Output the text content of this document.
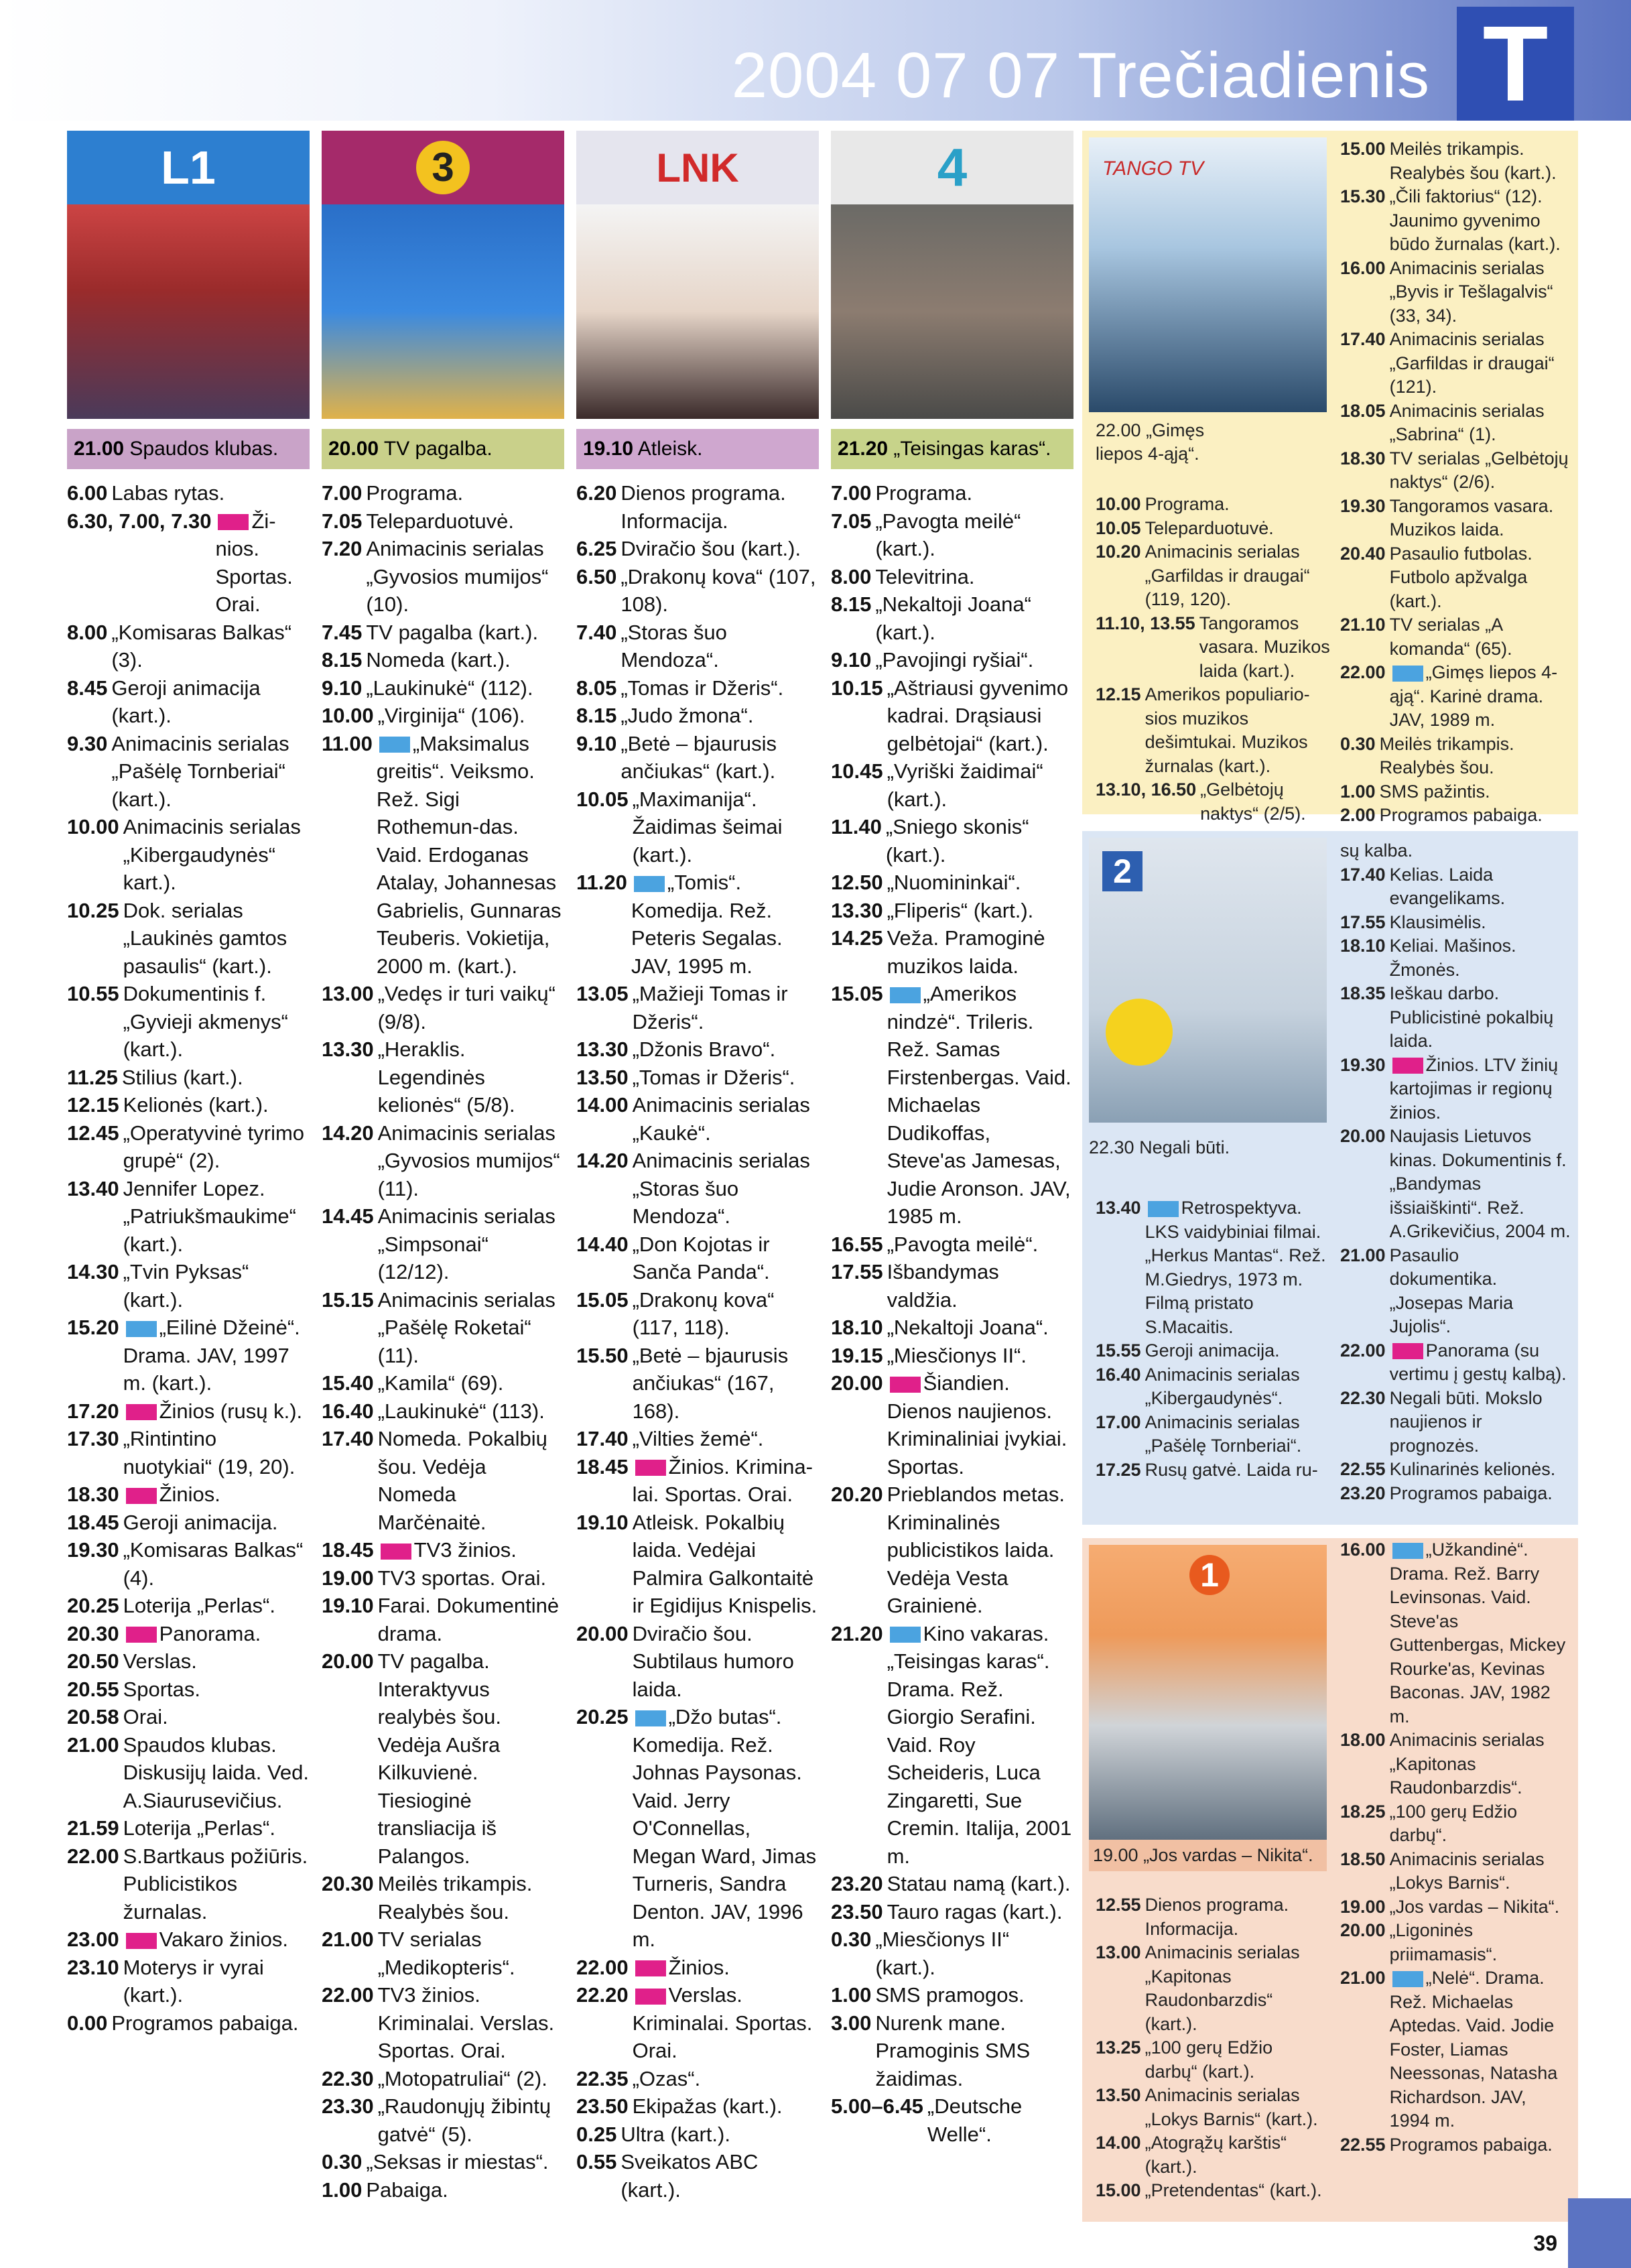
2004 07 07 Trečiadienis T
L1
21.00 Spaudos klubas.
6.00 Labas rytas.
6.30, 7.00, 7.30	Ži-nios. Sportas. Orai.
8.00 „Komisaras Balkas“ (3).
8.45 Geroji animacija (kart.).
9.30 Animacinis serialas „Pašėlę Tornberiai“ (kart.).
10.00 Animacinis serialas „Kibergaudynės“ kart.).
10.25 Dok. serialas „Laukinės gamtos pasaulis“ (kart.).
10.55 Dokumentinis f. „Gyvieji akmenys“ (kart.).
11.25 Stilius (kart.).
12.15 Kelionės (kart.).
12.45 „Operatyvinė tyrimo grupė“ (2).
13.40 Jennifer Lopez. „Patriukšmaukime“ (kart.).
14.30 „Tvin Pyksas“ (kart.).
15.20	„Eilinė Džeinė“. Drama. JAV, 1997 m. (kart.).
17.20	Žinios (rusų k.).
17.30 „Rintintino nuotykiai“ (19, 20).
18.30	Žinios.
18.45 Geroji animacija.
19.30 „Komisaras Balkas“ (4).
20.25 Loterija „Perlas“.
20.30	Panorama.
20.50 Verslas.
20.55 Sportas.
20.58 Orai.
21.00 Spaudos klubas. Diskusijų laida. Ved. A.Siaurusevičius.
21.59 Loterija „Perlas“.
22.00 S.Bartkaus požiūris. Publicistikos žurnalas.
23.00	Vakaro žinios.
23.10 Moterys ir vyrai (kart.).
0.00 Programos pabaiga.
3
20.00 TV pagalba.
7.00 Programa.
7.05 Teleparduotuvė.
7.20 Animacinis serialas „Gyvosios mumijos“ (10).
7.45 TV pagalba (kart.).
8.15 Nomeda (kart.).
9.10 „Laukinukė“ (112).
10.00 „Virginija“ (106).
11.00	„Maksimalus greitis“. Veiksmo. Rež. Sigi Rothemun-das. Vaid. Erdoganas Atalay, Johannesas Gabrielis, Gunnaras Teuberis. Vokietija, 2000 m. (kart.).
13.00 „Vedęs ir turi vaikų“ (9/8).
13.30 „Heraklis. Legendinės kelionės“ (5/8).
14.20 Animacinis serialas „Gyvosios mumijos“ (11).
14.45 Animacinis serialas „Simpsonai“ (12/12).
15.15 Animacinis serialas „Pašėlę Roketai“ (11).
15.40 „Kamila“ (69).
16.40 „Laukinukė“ (113).
17.40 Nomeda. Pokalbių šou. Vedėja Nomeda Marčėnaitė.
18.45	TV3 žinios.
19.00 TV3 sportas. Orai.
19.10 Farai. Dokumentinė drama.
20.00 TV pagalba. Interaktyvus realybės šou. Vedėja Aušra Kilkuvienė. Tiesioginė transliacija iš Palangos.
20.30 Meilės trikampis. Realybės šou.
21.00 TV serialas „Medikopteris“.
22.00 TV3 žinios. Kriminalai. Verslas. Sportas. Orai.
22.30 „Motopatruliai“ (2).
23.30 „Raudonųjų žibintų gatvė“ (5).
0.30 „Seksas ir miestas“.
1.00 Pabaiga.
LNK
19.10 Atleisk.
6.20 Dienos programa. Informacija.
6.25 Dviračio šou (kart.).
6.50 „Drakonų kova“ (107, 108).
7.40 „Storas šuo Mendoza“.
8.05 „Tomas ir Džeris“.
8.15 „Judo žmona“.
9.10 „Betė – bjaurusis ančiukas“ (kart.).
10.05 „Maximanija“. Žaidimas šeimai (kart.).
11.20	„Tomis“. Komedija. Rež. Peteris Segalas. JAV, 1995 m.
13.05 „Mažieji Tomas ir Džeris“.
13.30 „Džonis Bravo“.
13.50 „Tomas ir Džeris“.
14.00 Animacinis serialas „Kaukė“.
14.20 Animacinis serialas „Storas šuo Mendoza“.
14.40 „Don Kojotas ir Sanča Panda“.
15.05 „Drakonų kova“ (117, 118).
15.50 „Betė – bjaurusis ančiukas“ (167, 168).
17.40 „Vilties žemė“.
18.45	Žinios. Krimina-lai. Sportas. Orai.
19.10 Atleisk. Pokalbių laida. Vedėjai Palmira Galkontaitė ir Egidijus Knispelis.
20.00 Dviračio šou. Subtilaus humoro laida.
20.25	„Džo butas“. Komedija. Rež. Johnas Paysonas. Vaid. Jerry O'Connellas, Megan Ward, Jimas Turneris, Sandra Denton. JAV, 1996 m.
22.00	Žinios.
22.20	Verslas. Kriminalai. Sportas. Orai.
22.35 „Ozas“.
23.50 Ekipažas (kart.).
0.25 Ultra (kart.).
0.55 Sveikatos ABC (kart.).
4
21.20 „Teisingas karas“.
7.00 Programa.
7.05 „Pavogta meilė“ (kart.).
8.00 Televitrina.
8.15 „Nekaltoji Joana“ (kart.).
9.10 „Pavojingi ryšiai“.
10.15 „Aštriausi gyvenimo kadrai. Drąsiausi gelbėtojai“ (kart.).
10.45 „Vyriški žaidimai“ (kart.).
11.40 „Sniego skonis“ (kart.).
12.50 „Nuomininkai“.
13.30 „Fliperis“ (kart.).
14.25 Veža. Pramoginė muzikos laida.
15.05	„Amerikos nindzė“. Trileris. Rež. Samas Firstenbergas. Vaid. Michaelas Dudikoffas, Steve'as Jamesas, Judie Aronson. JAV, 1985 m.
16.55 „Pavogta meilė“.
17.55 Išbandymas valdžia.
18.10 „Nekaltoji Joana“.
19.15 „Miesčionys II“.
20.00	Šiandien. Dienos naujienos. Kriminaliniai įvykiai. Sportas.
20.20 Prieblandos metas. Kriminalinės publicistikos laida. Vedėja Vesta Grainienė.
21.20	Kino vakaras. „Teisingas karas“. Drama. Rež. Giorgio Serafini. Vaid. Roy Scheideris, Luca Zingaretti, Sue Cremin. Italija, 2001 m.
23.20 Statau namą (kart.).
23.50 Tauro ragas (kart.).
0.30 „Miesčionys II“ (kart.).
1.00 SMS pramogos.
3.00 Nurenk mane. Pramoginis SMS žaidimas.
5.00–6.45 „Deutsche Welle“.
TANGO TV
22.00 „Gimęs liepos 4-ąją“.
10.00 Programa.
10.05 Teleparduotuvė.
10.20 Animacinis serialas „Garfildas ir draugai“ (119, 120).
11.10, 13.55 Tangoramos vasara. Muzikos laida (kart.).
12.15 Amerikos populiario-sios muzikos dešimtukai. Muzikos žurnalas (kart.).
13.10, 16.50 „Gelbėtojų naktys“ (2/5).
15.00 Meilės trikampis. Realybės šou (kart.).
15.30 „Čili faktorius“ (12). Jaunimo gyvenimo būdo žurnalas (kart.).
16.00 Animacinis serialas „Byvis ir Tešlagalvis“ (33, 34).
17.40 Animacinis serialas „Garfildas ir draugai“ (121).
18.05 Animacinis serialas „Sabrina“ (1).
18.30 TV serialas „Gelbėtojų naktys“ (2/6).
19.30 Tangoramos vasara. Muzikos laida.
20.40 Pasaulio futbolas. Futbolo apžvalga (kart.).
21.10 TV serialas „A komanda“ (65).
22.00	„Gimęs liepos 4-ąją“. Karinė drama. JAV, 1989 m.
0.30 Meilės trikampis. Realybės šou.
1.00 SMS pažintis.
2.00 Programos pabaiga.
2
22.30 Negali būti.
13.40	Retrospektyva. LKS vaidybiniai filmai. „Herkus Mantas“. Rež. M.Giedrys, 1973 m. Filmą pristato S.Macaitis.
15.55 Geroji animacija.
16.40 Animacinis serialas „Kibergaudynės“.
17.00 Animacinis serialas „Pašėlę Tornberiai“.
17.25 Rusų gatvė. Laida ru-
sų kalba.
17.40 Kelias. Laida evangelikams.
17.55 Klausimėlis.
18.10 Keliai. Mašinos. Žmonės.
18.35 Ieškau darbo. Publicistinė pokalbių laida.
19.30	Žinios. LTV žinių kartojimas ir regionų žinios.
20.00 Naujasis Lietuvos kinas. Dokumentinis f. „Bandymas išsiaiškinti“. Rež. A.Grikevičius, 2004 m.
21.00 Pasaulio dokumentika. „Josepas Maria Jujolis“.
22.00	Panorama (su vertimu į gestų kalbą).
22.30 Negali būti. Mokslo naujienos ir prognozės.
22.55 Kulinarinės kelionės.
23.20 Programos pabaiga.
1
19.00 „Jos vardas – Nikita“.
12.55 Dienos programa. Informacija.
13.00 Animacinis serialas „Kapitonas Raudonbarzdis“ (kart.).
13.25 „100 gerų Edžio darbų“ (kart.).
13.50 Animacinis serialas „Lokys Barnis“ (kart.).
14.00 „Atogrąžų karštis“ (kart.).
15.00 „Pretendentas“ (kart.).
16.00	„Užkandinė“. Drama. Rež. Barry Levinsonas. Vaid. Steve'as Guttenbergas, Mickey Rourke'as, Kevinas Baconas. JAV, 1982 m.
18.00 Animacinis serialas „Kapitonas Raudonbarzdis“.
18.25 „100 gerų Edžio darbų“.
18.50 Animacinis serialas „Lokys Barnis“.
19.00 „Jos vardas – Nikita“.
20.00 „Ligoninės priimamasis“.
21.00	„Nelė“. Drama. Rež. Michaelas Aptedas. Vaid. Jodie Foster, Liamas Neessonas, Natasha Richardson. JAV, 1994 m.
22.55 Programos pabaiga.
39
